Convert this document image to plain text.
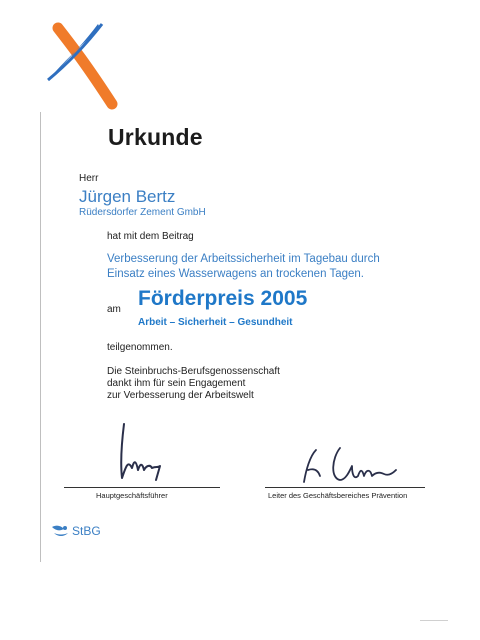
Urkunde
Herr
Jürgen Bertz
Rüdersdorfer Zement GmbH
hat mit dem Beitrag
Verbesserung der Arbeitssicherheit im Tagebau durch
Einsatz eines Wasserwagens an trockenen Tagen.
am Förderpreis 2005
Arbeit – Sicherheit – Gesundheit
teilgenommen.
Die Steinbruchs-Berufsgenossenschaft
dankt ihm für sein Engagement
zur Verbesserung der Arbeitswelt
Hauptgeschäftsführer	Leiter des Geschäftsbereiches Prävention
StBG
